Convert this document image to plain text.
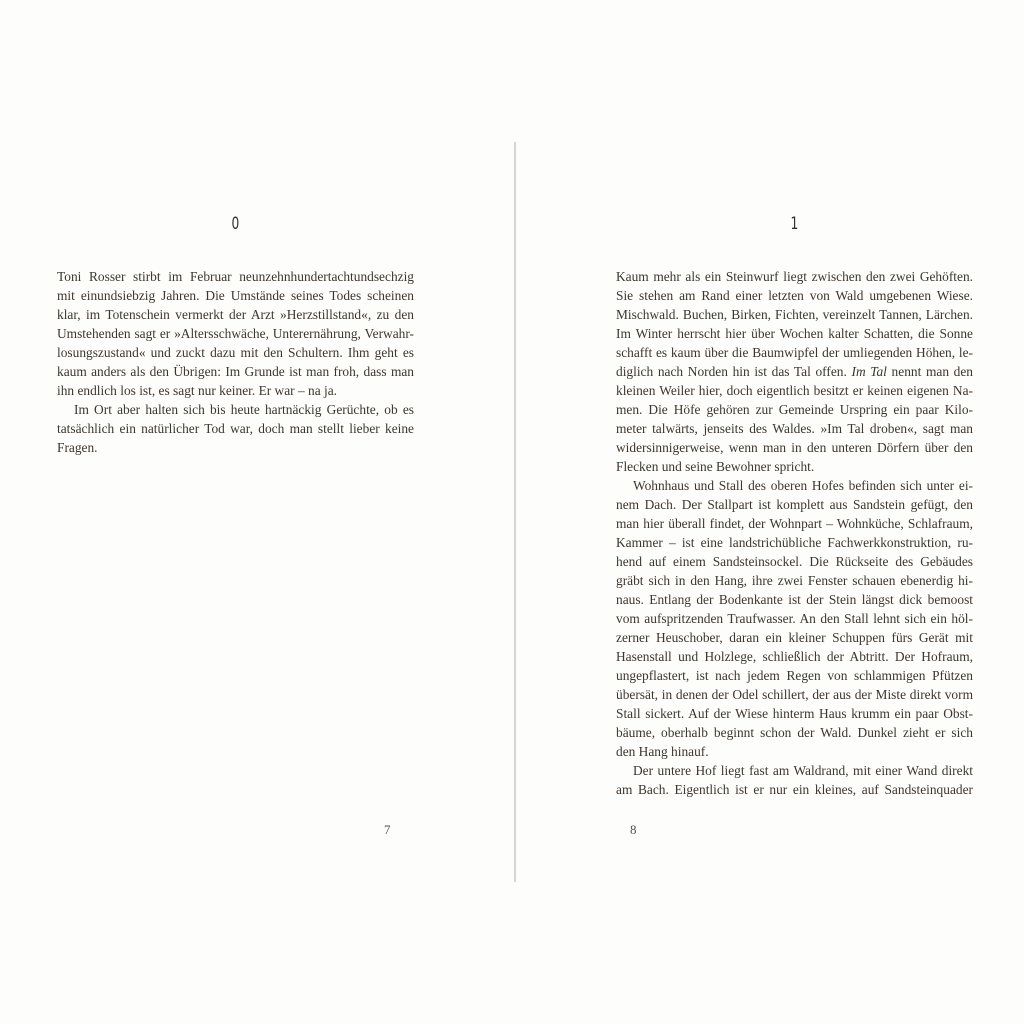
0
Toni Rosser stirbt im Februar neunzehnhundertachtundsechzig
mit einundsiebzig Jahren. Die Umstände seines Todes scheinen
klar, im Totenschein vermerkt der Arzt »Herzstillstand«, zu den
Umstehenden sagt er »Altersschwäche, Unterernährung, Verwahr-
losungszustand« und zuckt dazu mit den Schultern. Ihm geht es
kaum anders als den Übrigen: Im Grunde ist man froh, dass man
ihn endlich los ist, es sagt nur keiner. Er war – na ja.
Im Ort aber halten sich bis heute hartnäckig Gerüchte, ob es
tatsächlich ein natürlicher Tod war, doch man stellt lieber keine
Fragen.
7
1
Kaum mehr als ein Steinwurf liegt zwischen den zwei Gehöften.
Sie stehen am Rand einer letzten von Wald umgebenen Wiese.
Mischwald. Buchen, Birken, Fichten, vereinzelt Tannen, Lärchen.
Im Winter herrscht hier über Wochen kalter Schatten, die Sonne
schafft es kaum über die Baumwipfel der umliegenden Höhen, le-
diglich nach Norden hin ist das Tal offen. Im Tal nennt man den
kleinen Weiler hier, doch eigentlich besitzt er keinen eigenen Na-
men. Die Höfe gehören zur Gemeinde Urspring ein paar Kilo-
meter talwärts, jenseits des Waldes. »Im Tal droben«, sagt man
widersinnigerweise, wenn man in den unteren Dörfern über den
Flecken und seine Bewohner spricht.
Wohnhaus und Stall des oberen Hofes befinden sich unter ei-
nem Dach. Der Stallpart ist komplett aus Sandstein gefügt, den
man hier überall findet, der Wohnpart – Wohnküche, Schlafraum,
Kammer – ist eine landstrichübliche Fachwerkkonstruktion, ru-
hend auf einem Sandsteinsockel. Die Rückseite des Gebäudes
gräbt sich in den Hang, ihre zwei Fenster schauen ebenerdig hi-
naus. Entlang der Bodenkante ist der Stein längst dick bemoost
vom aufspritzenden Traufwasser. An den Stall lehnt sich ein höl-
zerner Heuschober, daran ein kleiner Schuppen fürs Gerät mit
Hasenstall und Holzlege, schließlich der Abtritt. Der Hofraum,
ungepflastert, ist nach jedem Regen von schlammigen Pfützen
übersät, in denen der Odel schillert, der aus der Miste direkt vorm
Stall sickert. Auf der Wiese hinterm Haus krumm ein paar Obst-
bäume, oberhalb beginnt schon der Wald. Dunkel zieht er sich
den Hang hinauf.
Der untere Hof liegt fast am Waldrand, mit einer Wand direkt
am Bach. Eigentlich ist er nur ein kleines, auf Sandsteinquader
8
